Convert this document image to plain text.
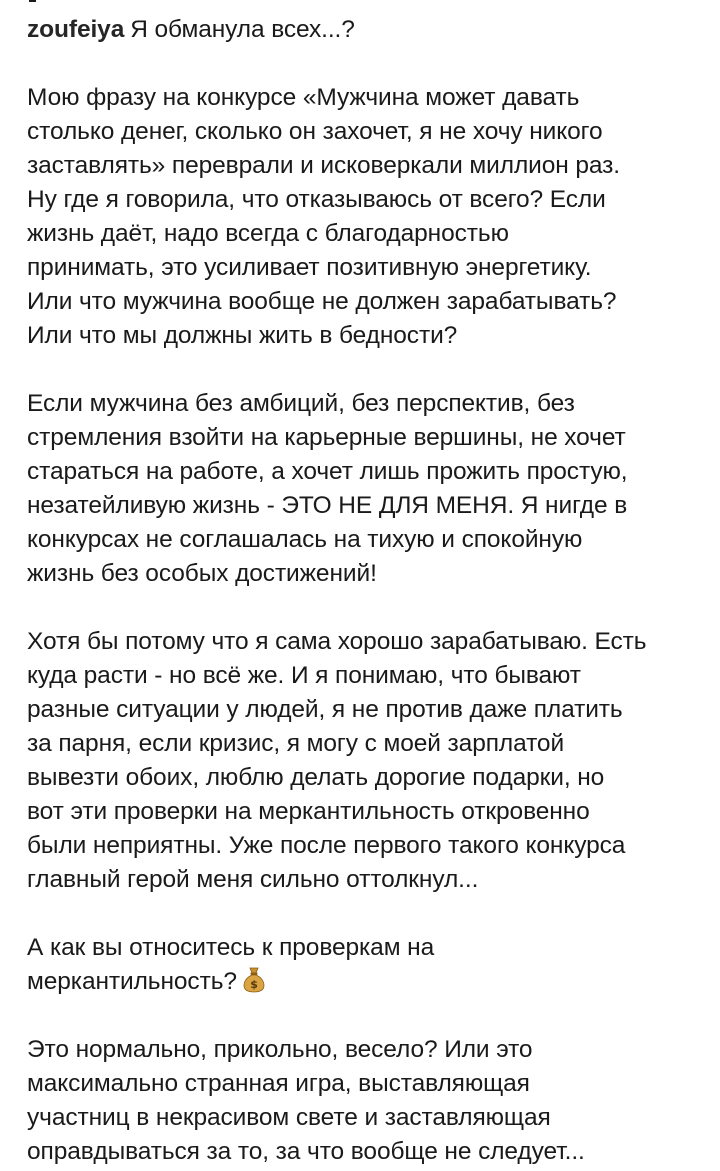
zoufeiya Я обманула всех...?

Мою фразу на конкурсе «Мужчина может давать
столько денег, сколько он захочет, я не хочу никого
заставлять» переврали и исковеркали миллион раз.
Ну где я говорила, что отказываюсь от всего? Если
жизнь даёт, надо всегда с благодарностью
принимать, это усиливает позитивную энергетику.
Или что мужчина вообще не должен зарабатывать?
Или что мы должны жить в бедности?
Если мужчина без амбиций, без перспектив, без
стремления взойти на карьерные вершины, не хочет
стараться на работе, а хочет лишь прожить простую,
незатейливую жизнь - ЭТО НЕ ДЛЯ МЕНЯ. Я нигде в
конкурсах не соглашалась на тихую и спокойную
жизнь без особых достижений!
Хотя бы потому что я сама хорошо зарабатываю. Есть
куда расти - но всё же. И я понимаю, что бывают
разные ситуации у людей, я не против даже платить
за парня, если кризис, я могу с моей зарплатой
вывезти обоих, люблю делать дорогие подарки, но
вот эти проверки на меркантильность откровенно
были неприятны. Уже после первого такого конкурса
главный герой меня сильно оттолкнул...
А как вы относитесь к проверкам на
меркантильность? $
Это нормально, прикольно, весело? Или это
максимально странная игра, выставляющая
участниц в некрасивом свете и заставляющая
оправдываться за то, за что вообще не следует...
